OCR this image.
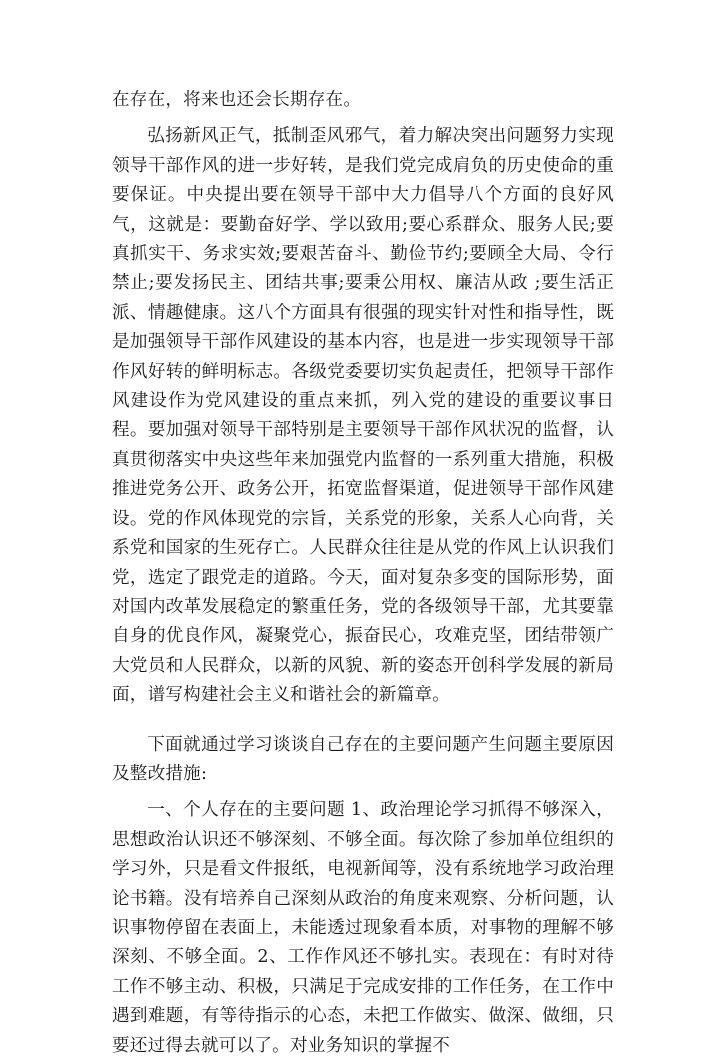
在存在，将来也还会长期存在。

弘扬新风正气，抵制歪风邪气，着力解决突出问题努力实现领导干部作风的进一步好转，是我们党完成肩负的历史使命的重要保证。中央提出要在领导干部中大力倡导八个方面的良好风气，这就是：要勤奋好学、学以致用;要心系群众、服务人民;要真抓实干、务求实效;要艰苦奋斗、勤俭节约;要顾全大局、令行禁止;要发扬民主、团结共事;要秉公用权、廉洁从政 ;要生活正派、情趣健康。这八个方面具有很强的现实针对性和指导性，既是加强领导干部作风建设的基本内容，也是进一步实现领导干部作风好转的鲜明标志。各级党委要切实负起责任，把领导干部作风建设作为党风建设的重点来抓，列入党的建设的重要议事日程。要加强对领导干部特别是主要领导干部作风状况的监督，认真贯彻落实中央这些年来加强党内监督的一系列重大措施，积极推进党务公开、政务公开，拓宽监督渠道，促进领导干部作风建设。党的作风体现党的宗旨，关系党的形象，关系人心向背，关系党和国家的生死存亡。人民群众往往是从党的作风上认识我们党，选定了跟党走的道路。今天，面对复杂多变的国际形势，面对国内改革发展稳定的繁重任务，党的各级领导干部，尤其要靠自身的优良作风，凝聚党心，振奋民心，攻难克坚，团结带领广大党员和人民群众，以新的风貌、新的姿态开创科学发展的新局面，谱写构建社会主义和谐社会的新篇章。

下面就通过学习谈谈自己存在的主要问题产生问题主要原因及整改措施:

一、个人存在的主要问题 1、政治理论学习抓得不够深入，思想政治认识还不够深刻、不够全面。每次除了参加单位组织的学习外，只是看文件报纸，电视新闻等，没有系统地学习政治理论书籍。没有培养自己深刻从政治的角度来观察、分析问题，认识事物停留在表面上，未能透过现象看本质，对事物的理解不够深刻、不够全面。2、工作作风还不够扎实。表现在：有时对待工作不够主动、积极，只满足于完成安排的工作任务，在工作中遇到难题，有等待指示的心态，未把工作做实、做深、做细，只要还过得去就可以了。对业务知识的掌握不
